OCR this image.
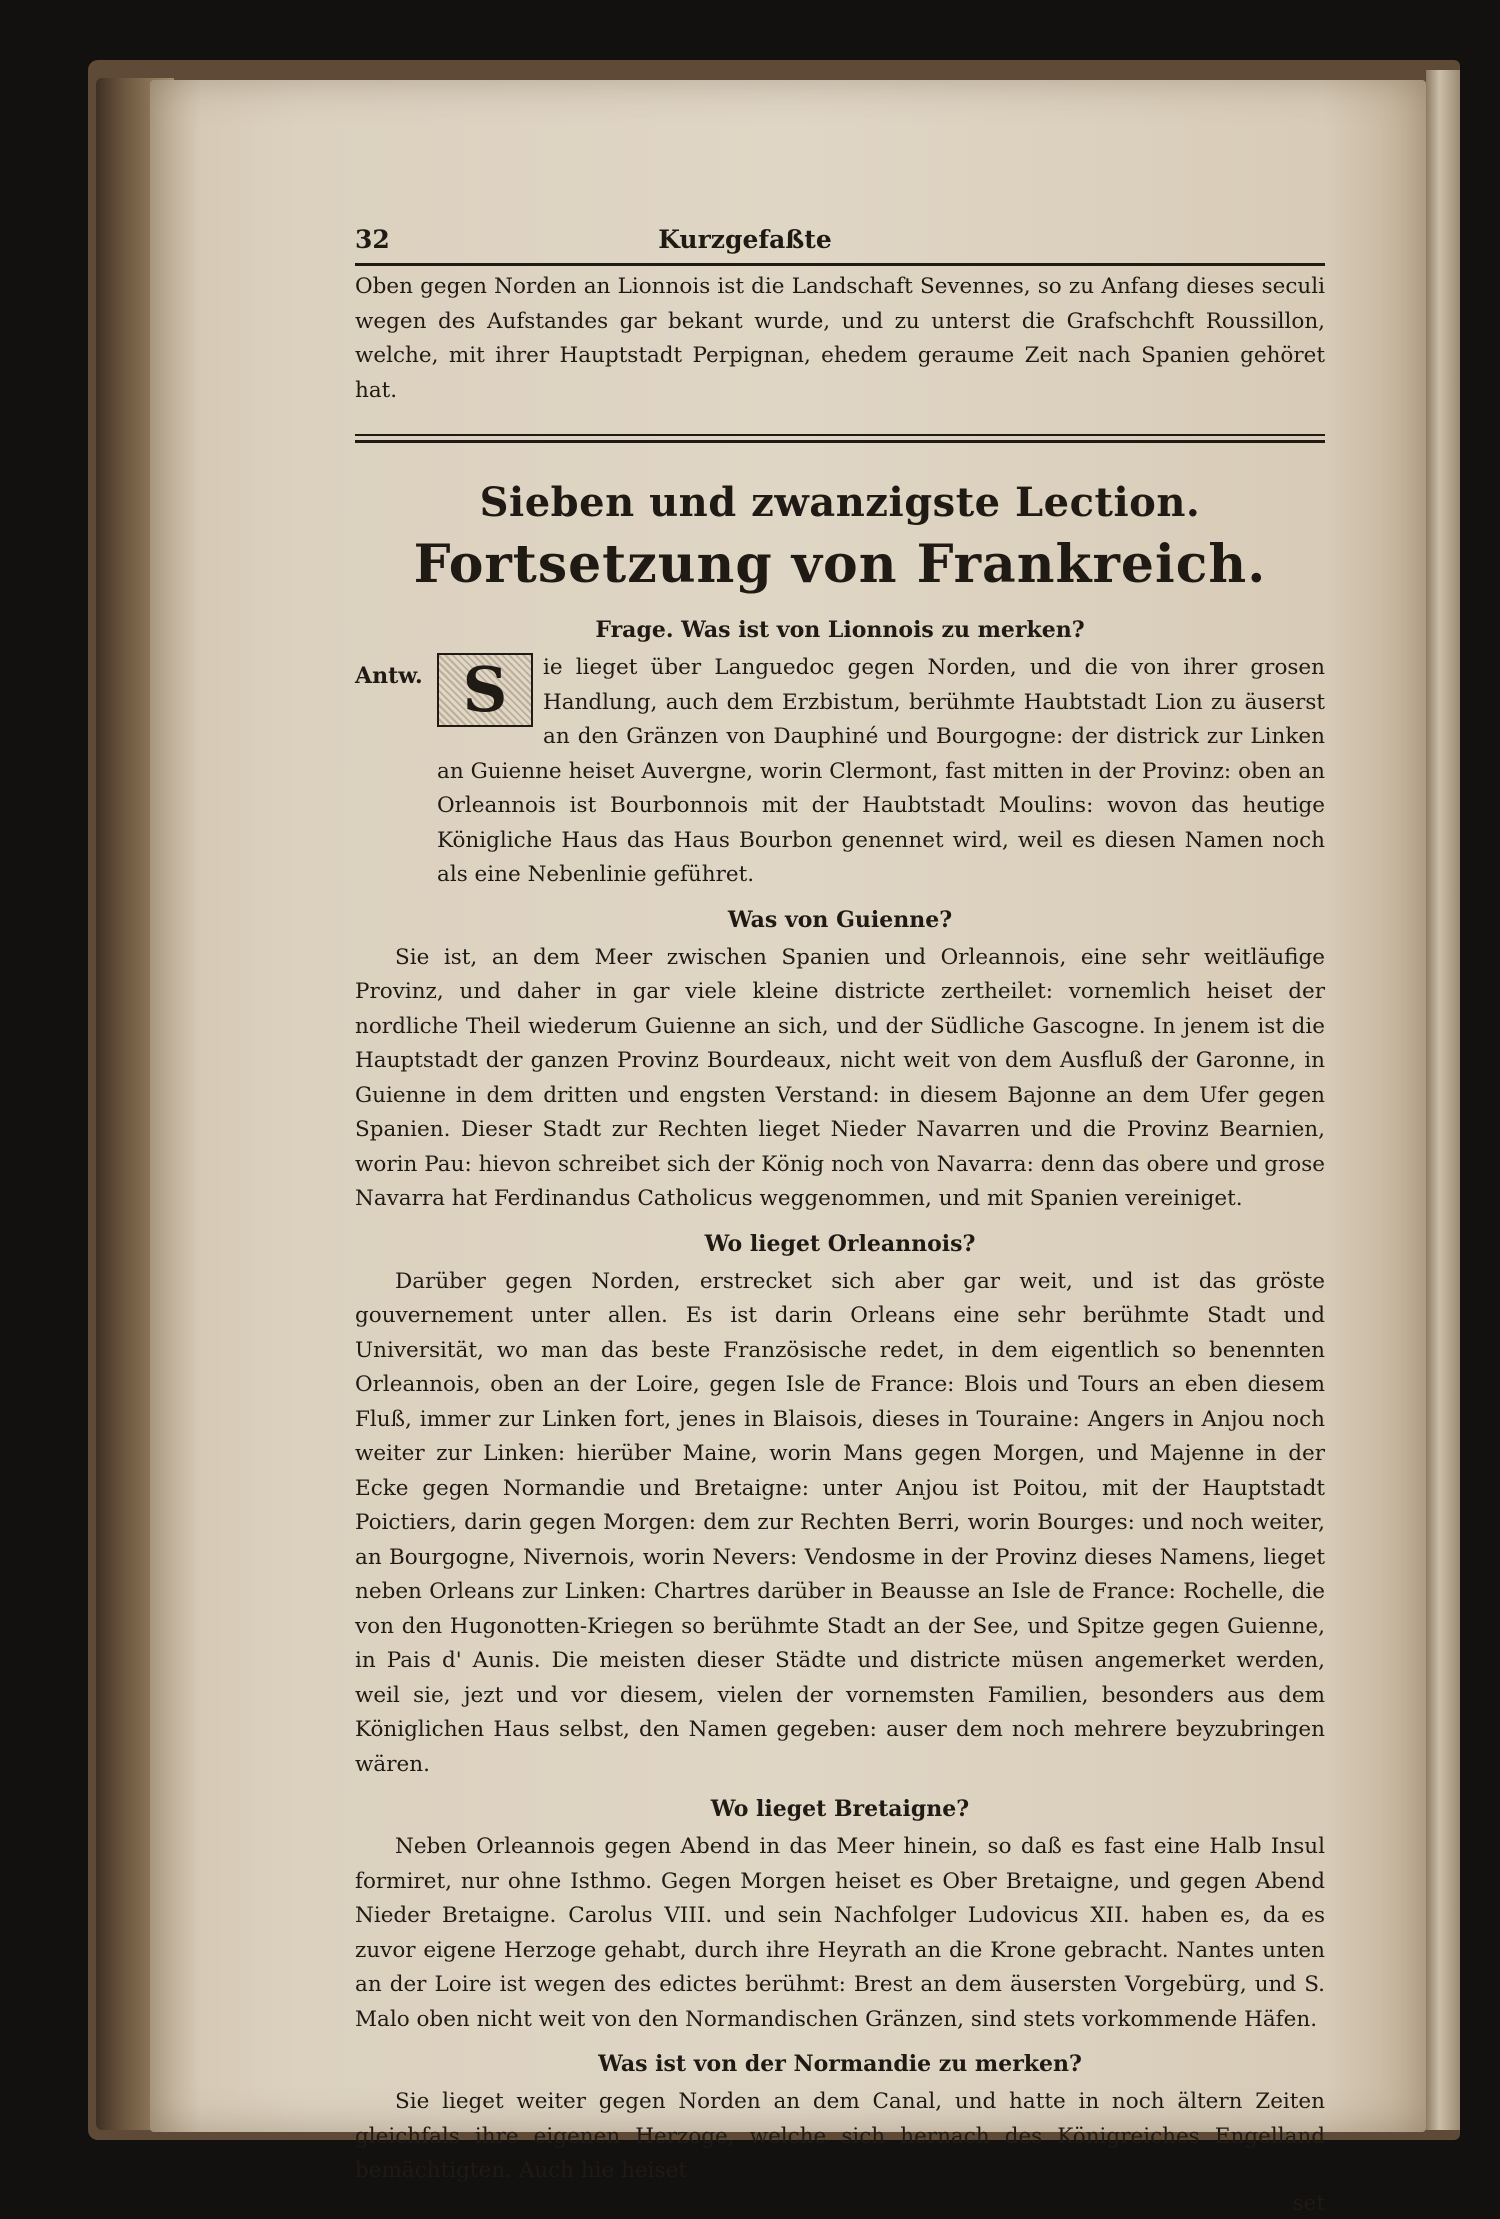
32	Kurzgefaßte

Oben gegen Norden an Lionnois ist die Landschaft Sevennes, so zu Anfang dieses seculi wegen des Aufstandes gar bekant wurde, und zu unterst die Grafschchft Roussillon, welche, mit ihrer Hauptstadt Perpignan, ehedem geraume Zeit nach Spanien gehöret hat.

Sieben und zwanzigste Lection.
Fortsetzung von Frankreich.
Frage. Was ist von Lionnois zu merken?
Antw. S	ie lieget über Languedoc gegen Norden, und die von ihrer grosen Handlung, auch dem Erzbistum, berühmte Haubtstadt Lion zu äuserst an den Gränzen von Dauphiné und Bourgogne: der districk zur Linken an Guienne heiset Auvergne, worin Clermont, fast mitten in der Provinz: oben an Orleannois ist Bourbonnois mit der Haubtstadt Moulins: wovon das heutige Königliche Haus das Haus Bourbon genennet wird, weil es diesen Namen noch als eine Nebenlinie geführet.

Was von Guienne?

Sie ist, an dem Meer zwischen Spanien und Orleannois, eine sehr weitläufige Provinz, und daher in gar viele kleine districte zertheilet: vornemlich heiset der nordliche Theil wiederum Guienne an sich, und der Südliche Gascogne. In jenem ist die Hauptstadt der ganzen Provinz Bourdeaux, nicht weit von dem Ausfluß der Garonne, in Guienne in dem dritten und engsten Verstand: in diesem Bajonne an dem Ufer gegen Spanien. Dieser Stadt zur Rechten lieget Nieder Navarren und die Provinz Bearnien, worin Pau: hievon schreibet sich der König noch von Navarra: denn das obere und grose Navarra hat Ferdinandus Catholicus weggenommen, und mit Spanien vereiniget.

Wo lieget Orleannois?

Darüber gegen Norden, erstrecket sich aber gar weit, und ist das gröste gouvernement unter allen. Es ist darin Orleans eine sehr berühmte Stadt und Universität, wo man das beste Französische redet, in dem eigentlich so benennten Orleannois, oben an der Loire, gegen Isle de France: Blois und Tours an eben diesem Fluß, immer zur Linken fort, jenes in Blaisois, dieses in Touraine: Angers in Anjou noch weiter zur Linken: hierüber Maine, worin Mans gegen Morgen, und Majenne in der Ecke gegen Normandie und Bretaigne: unter Anjou ist Poitou, mit der Hauptstadt Poictiers, darin gegen Morgen: dem zur Rechten Berri, worin Bourges: und noch weiter, an Bourgogne, Nivernois, worin Nevers: Vendosme in der Provinz dieses Namens, lieget neben Orleans zur Linken: Chartres darüber in Beausse an Isle de France: Rochelle, die von den Hugonotten-Kriegen so berühmte Stadt an der See, und Spitze gegen Guienne, in Pais d' Aunis. Die meisten dieser Städte und districte müsen angemerket werden, weil sie, jezt und vor diesem, vielen der vornemsten Familien, besonders aus dem Königlichen Haus selbst, den Namen gegeben: auser dem noch mehrere beyzubringen wären.

Wo lieget Bretaigne?

Neben Orleannois gegen Abend in das Meer hinein, so daß es fast eine Halb Insul formiret, nur ohne Isthmo. Gegen Morgen heiset es Ober Bretaigne, und gegen Abend Nieder Bretaigne. Carolus VIII. und sein Nachfolger Ludovicus XII. haben es, da es zuvor eigene Herzoge gehabt, durch ihre Heyrath an die Krone gebracht. Nantes unten an der Loire ist wegen des edictes berühmt: Brest an dem äusersten Vorgebürg, und S. Malo oben nicht weit von den Normandischen Gränzen, sind stets vorkommende Häfen.

Was ist von der Normandie zu merken?

Sie lieget weiter gegen Norden an dem Canal, und hatte in noch ältern Zeiten gleichfals ihre eigenen Herzoge, welche sich hernach des Königreiches Engelland bemächtigten. Auch hie heiset

set
